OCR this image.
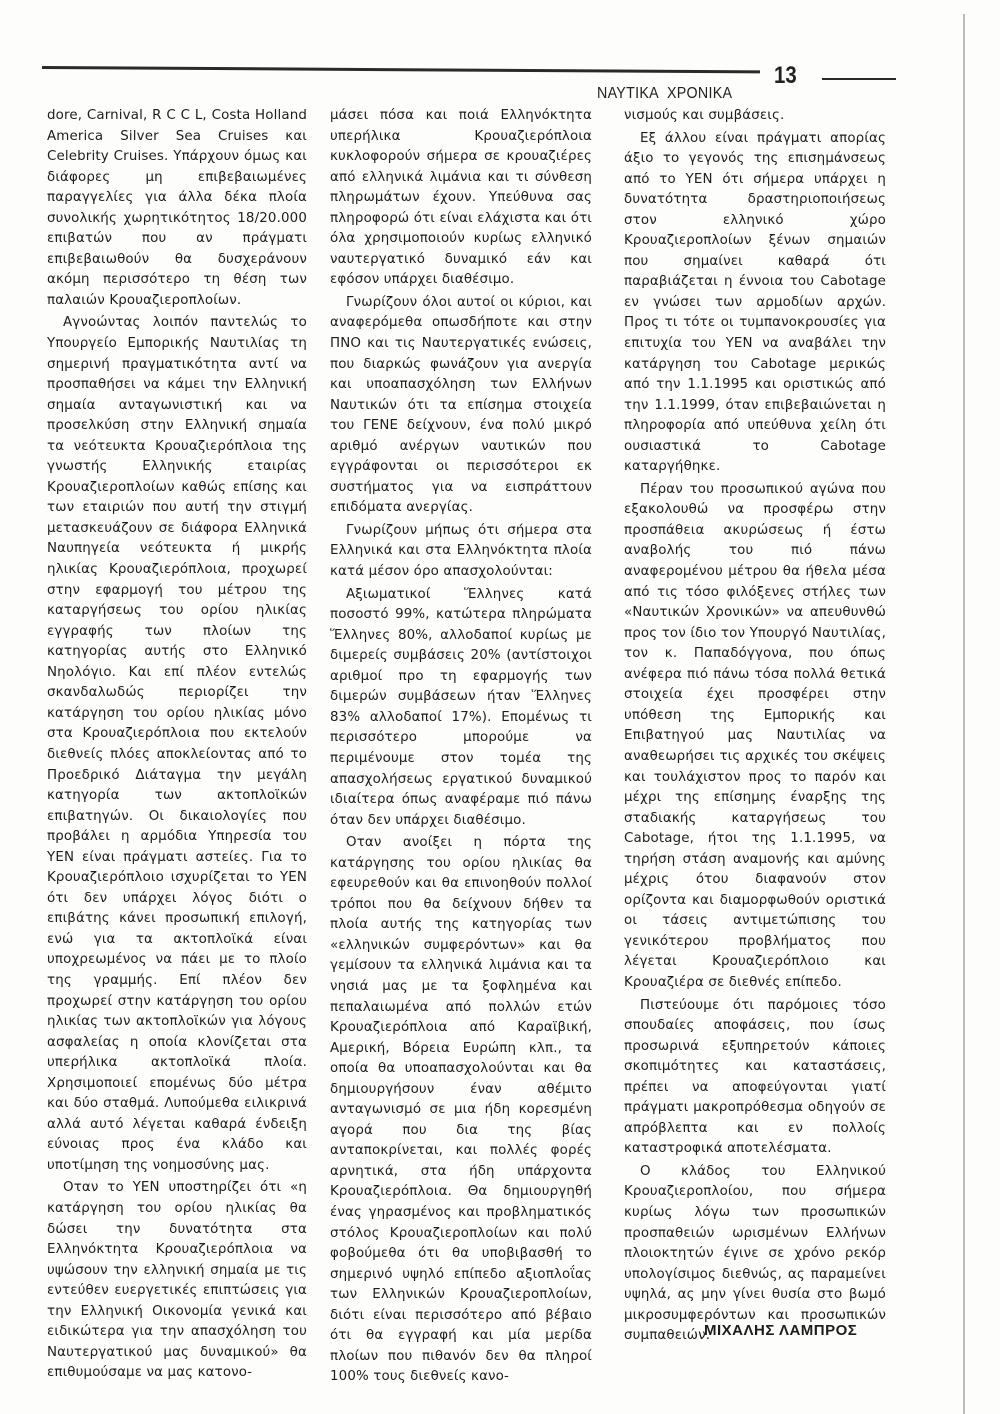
13
ΝΑΥΤΙΚΑ ΧΡΟΝΙΚΑ

dore, Carnival, R C C L, Costa Holland America Silver Sea Cruises και Celebrity Cruises. Υπάρχουν όμως και διάφορες μη επιβεβαιωμένες παραγγελίες για άλλα δέκα πλοία συνολικής χωρητικότητος 18/20.000 επιβατών που αν πράγματι επιβεβαιωθούν θα δυσχεράνουν ακόμη περισσότερο τη θέση των παλαιών Κρουαζιεροπλοίων.

Αγνοώντας λοιπόν παντελώς το Υπουργείο Εμπορικής Ναυτιλίας τη σημερινή πραγματικότητα αντί να προσπαθήσει να κάμει την Ελληνική σημαία ανταγωνιστική και να προσελκύση στην Ελληνική σημαία τα νεότευκτα Κρουαζιερόπλοια της γνωστής Ελληνικής εταιρίας Κρουαζιεροπλοίων καθώς επίσης και των εταιριών που αυτή την στιγμή μετασκευάζουν σε διάφορα Ελληνικά Ναυπηγεία νεότευκτα ή μικρής ηλικίας Κρουαζιερόπλοια, προχωρεί στην εφαρμογή του μέτρου της καταργήσεως του ορίου ηλικίας εγγραφής των πλοίων της κατηγορίας αυτής στο Ελληνικό Νηολόγιο. Και επί πλέον εντελώς σκανδαλωδώς περιορίζει την κατάργηση του ορίου ηλικίας μόνο στα Κρουαζιερόπλοια που εκτελούν διεθνείς πλόες αποκλείοντας από το Προεδρικό Διάταγμα την μεγάλη κατηγορία των ακτοπλοϊκών επιβατηγών. Οι δικαιολογίες που προβάλει η αρμόδια Υπηρεσία του ΥΕΝ είναι πράγματι αστείες. Για το Κρουαζιερόπλοιο ισχυρίζεται το ΥΕΝ ότι δεν υπάρχει λόγος διότι ο επιβάτης κάνει προσωπική επιλογή, ενώ για τα ακτοπλοϊκά είναι υποχρεωμένος να πάει με το πλοίο της γραμμής. Επί πλέον δεν προχωρεί στην κατάργηση του ορίου ηλικίας των ακτοπλοϊκών για λόγους ασφαλείας η οποία κλονίζεται στα υπερήλικα ακτοπλοϊκά πλοία. Χρησιμοποιεί επομένως δύο μέτρα και δύο σταθμά. Λυπούμεθα ειλικρινά αλλά αυτό λέγεται καθαρά ένδειξη εύνοιας προς ένα κλάδο και υποτίμηση της νοημοσύνης μας.

Οταν το ΥΕΝ υποστηρίζει ότι «η κατάργηση του ορίου ηλικίας θα δώσει την δυνατότητα στα Ελληνόκτητα Κρουαζιερόπλοια να υψώσουν την ελληνική σημαία με τις εντεύθεν ευεργετικές επιπτώσεις για την Ελληνική Οικονομία γενικά και ειδικώτερα για την απασχόληση του Ναυτεργατικού μας δυναμικού» θα επιθυμούσαμε να μας κατονο-

μάσει πόσα και ποιά Ελληνόκτητα υπερήλικα Κρουαζιερόπλοια κυκλοφορούν σήμερα σε κρουαζιέρες από ελληνικά λιμάνια και τι σύνθεση πληρωμάτων έχουν. Υπεύθυνα σας πληροφορώ ότι είναι ελάχιστα και ότι όλα χρησιμοποιούν κυρίως ελληνικό ναυτεργατικό δυναμικό εάν και εφόσον υπάρχει διαθέσιμο.

Γνωρίζουν όλοι αυτοί οι κύριοι, και αναφερόμεθα οπωσδήποτε και στην ΠΝΟ και τις Ναυτεργατικές ενώσεις, που διαρκώς φωνάζουν για ανεργία και υποαπασχόληση των Ελλήνων Ναυτικών ότι τα επίσημα στοιχεία του ΓΕΝΕ δείχνουν, ένα πολύ μικρό αριθμό ανέργων ναυτικών που εγγράφονται οι περισσότεροι εκ συστήματος για να εισπράττουν επιδόματα ανεργίας.

Γνωρίζουν μήπως ότι σήμερα στα Ελληνικά και στα Ελληνόκτητα πλοία κατά μέσον όρο απασχολούνται:

Αξιωματικοί Ἕλληνες κατά ποσοστό 99%, κατώτερα πληρώματα Ἕλληνες 80%, αλλοδαποί κυρίως με διμερείς συμβάσεις 20% (αντίστοιχοι αριθμοί προ τη εφαρμογής των διμερών συμβάσεων ήταν Ἕλληνες 83% αλλοδαποί 17%). Επομένως τι περισσότερο μπορούμε να περιμένουμε στον τομέα της απασχολήσεως εργατικού δυναμικού ιδιαίτερα όπως αναφέραμε πιό πάνω όταν δεν υπάρχει διαθέσιμο.

Οταν ανοίξει η πόρτα της κατάργησης του ορίου ηλικίας θα εφευρεθούν και θα επινοηθούν πολλοί τρόποι που θα δείχνουν δήθεν τα πλοία αυτής της κατηγορίας των «ελληνικών συμφερόντων» και θα γεμίσουν τα ελληνικά λιμάνια και τα νησιά μας με τα ξοφλημένα και πεπαλαιωμένα από πολλών ετών Κρουαζιερόπλοια από Καραϊβική, Αμερική, Βόρεια Ευρώπη κλπ., τα οποία θα υποαπασχολούνται και θα δημιουργήσουν έναν αθέμιτο ανταγωνισμό σε μια ήδη κορεσμένη αγορά που δια της βίας ανταποκρίνεται, και πολλές φορές αρνητικά, στα ήδη υπάρχοντα Κρουαζιερόπλοια. Θα δημιουργηθή ένας γηρασμένος και προβληματικός στόλος Κρουαζιεροπλοίων και πολύ φοβούμεθα ότι θα υποβιβασθή το σημερινό υψηλό επίπεδο αξιοπλοΐας των Ελληνικών Κρουαζιεροπλοίων, διότι είναι περισσότερο από βέβαιο ότι θα εγγραφή και μία μερίδα πλοίων που πιθανόν δεν θα πληροί 100% τους διεθνείς κανο-

νισμούς και συμβάσεις.

Εξ άλλου είναι πράγματι απορίας άξιο το γεγονός της επισημάνσεως από το ΥΕΝ ότι σήμερα υπάρχει η δυνατότητα δραστηριοποιήσεως στον ελληνικό χώρο Κρουαζιεροπλοίων ξένων σημαιών που σημαίνει καθαρά ότι παραβιάζεται η έννοια του Cabotage εν γνώσει των αρμοδίων αρχών. Προς τι τότε οι τυμπανοκρουσίες για επιτυχία του ΥΕΝ να αναβάλει την κατάργηση του Cabotage μερικώς από την 1.1.1995 και οριστικώς από την 1.1.1999, όταν επιβεβαιώνεται η πληροφορία από υπεύθυνα χείλη ότι ουσιαστικά το Cabotage καταργήθηκε.

Πέραν του προσωπικού αγώνα που εξακολουθώ να προσφέρω στην προσπάθεια ακυρώσεως ή έστω αναβολής του πιό πάνω αναφερομένου μέτρου θα ήθελα μέσα από τις τόσο φιλόξενες στήλες των «Ναυτικών Χρονικών» να απευθυνθώ προς τον ίδιο τον Υπουργό Ναυτιλίας, τον κ. Παπαδόγγονα, που όπως ανέφερα πιό πάνω τόσα πολλά θετικά στοιχεία έχει προσφέρει στην υπόθεση της Εμπορικής και Επιβατηγού μας Ναυτιλίας να αναθεωρήσει τις αρχικές του σκέψεις και τουλάχιστον προς το παρόν και μέχρι της επίσημης έναρξης της σταδιακής καταργήσεως του Cabotage, ήτοι της 1.1.1995, να τηρήση στάση αναμονής και αμύνης μέχρις ότου διαφανούν στον ορίζοντα και διαμορφωθούν οριστικά οι τάσεις αντιμετώπισης του γενικότερου προβλήματος που λέγεται Κρουαζιερόπλοιο και Κρουαζιέρα σε διεθνές επίπεδο.

Πιστεύουμε ότι παρόμοιες τόσο σπουδαίες αποφάσεις, που ίσως προσωρινά εξυπηρετούν κάποιες σκοπιμότητες και καταστάσεις, πρέπει να αποφεύγονται γιατί πράγματι μακροπρόθεσμα οδηγούν σε απρόβλεπτα και εν πολλοίς καταστροφικά αποτελέσματα.

Ο κλάδος του Ελληνικού Κρουαζιεροπλοίου, που σήμερα κυρίως λόγω των προσωπικών προσπαθειών ωρισμένων Ελλήνων πλοιοκτητών έγινε σε χρόνο ρεκόρ υπολογίσιμος διεθνώς, ας παραμείνει υψηλά, ας μην γίνει θυσία στο βωμό μικροσυμφερόντων και προσωπικών συμπαθειών.

ΜΙΧΑΛΗΣ ΛΑΜΠΡΟΣ
